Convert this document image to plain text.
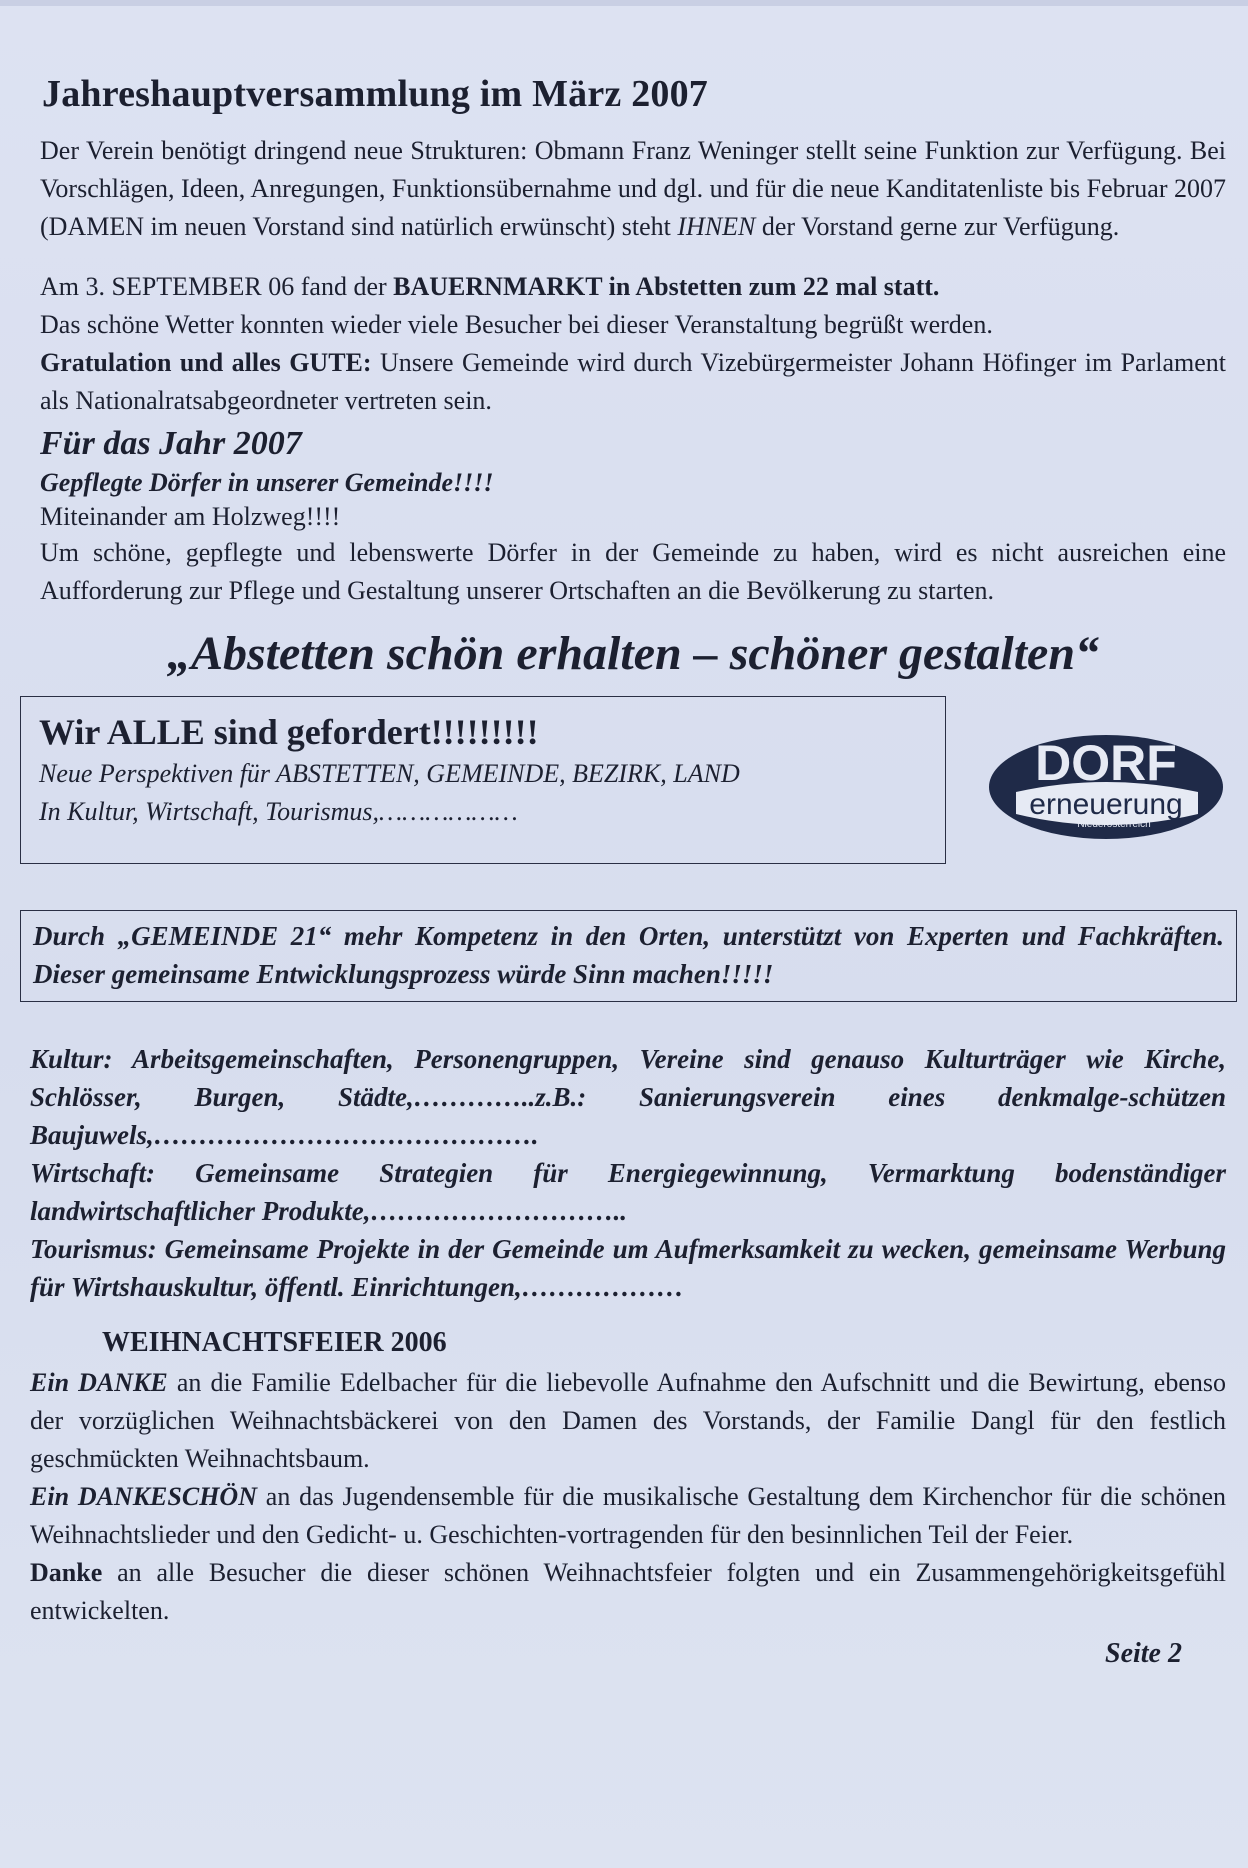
Jahreshauptversammlung im März 2007

Der Verein benötigt dringend neue Strukturen: Obmann Franz Weninger stellt seine Funktion zur Verfügung. Bei Vorschlägen, Ideen, Anregungen, Funktionsübernahme und dgl. und für die neue Kanditatenliste bis Februar 2007 (DAMEN im neuen Vorstand sind natürlich erwünscht) steht IHNEN der Vorstand gerne zur Verfügung.

Am 3. SEPTEMBER 06 fand der BAUERNMARKT in Abstetten zum 22 mal statt.
Das schöne Wetter konnten wieder viele Besucher bei dieser Veranstaltung begrüßt werden.
Gratulation und alles GUTE: Unsere Gemeinde wird durch Vizebürgermeister Johann Höfinger im Parlament als Nationalratsabgeordneter vertreten sein.

Für das Jahr 2007

Gepflegte Dörfer in unserer Gemeinde!!!!

Miteinander am Holzweg!!!!

Um schöne, gepflegte und lebenswerte Dörfer in der Gemeinde zu haben, wird es nicht ausreichen eine Aufforderung zur Pflege und Gestaltung unserer Ortschaften an die Bevölkerung zu starten.

„Abstetten schön erhalten – schöner gestalten“
Wir ALLE sind gefordert!!!!!!!!!
Neue Perspektiven für ABSTETTEN, GEMEINDE, BEZIRK, LAND
In Kultur, Wirtschaft, Tourismus,………………
DORF
erneuerung
Niederösterreich

Durch „GEMEINDE 21“ mehr Kompetenz in den Orten, unterstützt von Experten und Fachkräften. Dieser gemeinsame Entwicklungsprozess würde Sinn machen!!!!!

Kultur: Arbeitsgemeinschaften, Personengruppen, Vereine sind genauso Kulturträger wie Kirche, Schlösser, Burgen, Städte,…………..z.B.: Sanierungsverein eines denkmalge-schützen Baujuwels,…………………………………….

Wirtschaft: Gemeinsame Strategien für Energiegewinnung, Vermarktung bodenständiger landwirtschaftlicher Produkte,………………………..

Tourismus: Gemeinsame Projekte in der Gemeinde um Aufmerksamkeit zu wecken, gemeinsame Werbung für Wirtshauskultur, öffentl. Einrichtungen,………………

WEIHNACHTSFEIER 2006

Ein DANKE an die Familie Edelbacher für die liebevolle Aufnahme den Aufschnitt und die Bewirtung, ebenso der vorzüglichen Weihnachtsbäckerei von den Damen des Vorstands, der Familie Dangl für den festlich geschmückten Weihnachtsbaum.

Ein DANKESCHÖN an das Jugendensemble für die musikalische Gestaltung dem Kirchenchor für die schönen Weihnachtslieder und den Gedicht- u. Geschichten-vortragenden für den besinnlichen Teil der Feier.

Danke an alle Besucher die dieser schönen Weihnachtsfeier folgten und ein Zusammengehörigkeitsgefühl entwickelten.

Seite 2
